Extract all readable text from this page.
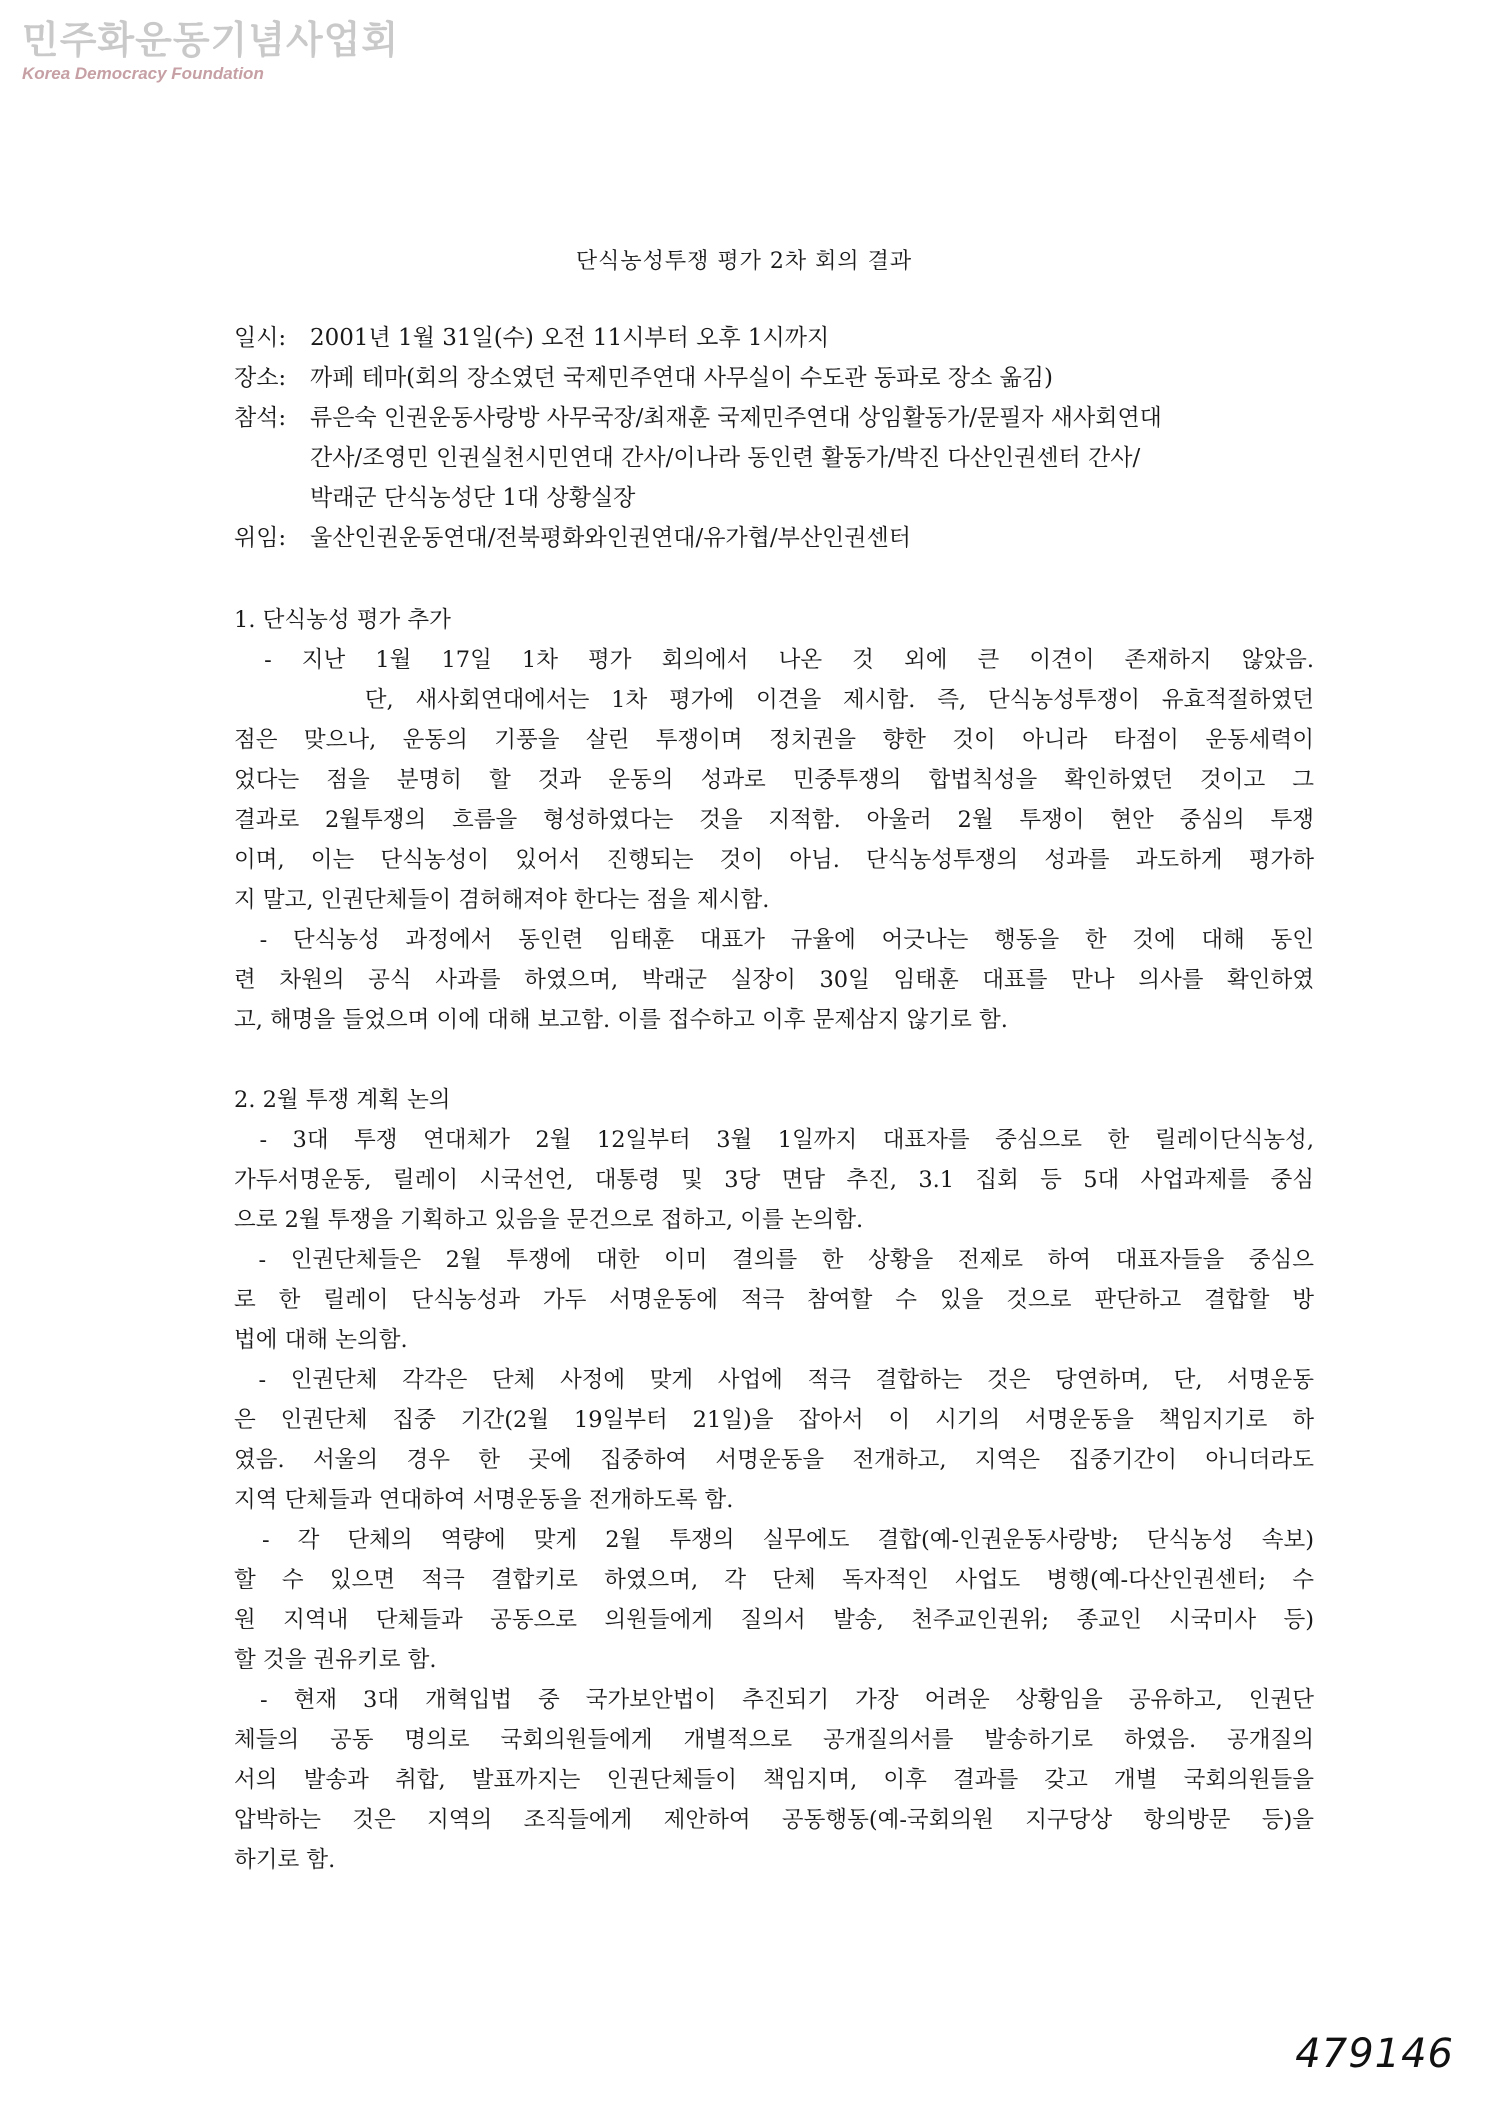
민주화운동기념사업회
Korea Democracy Foundation
단식농성투쟁 평가 2차 회의 결과
일시:	2001년 1월 31일(수) 오전 11시부터 오후 1시까지
장소:	까페 테마(회의 장소였던 국제민주연대 사무실이 수도관 동파로 장소 옮김)
참석:	류은숙 인권운동사랑방 사무국장/최재훈 국제민주연대 상임활동가/문필자 새사회연대
간사/조영민 인권실천시민연대 간사/이나라 동인련 활동가/박진 다산인권센터 간사/
박래군 단식농성단 1대 상황실장
위임:	울산인권운동연대/전북평화와인권연대/유가협/부산인권센터
1. 단식농성 평가 추가
- 지난 1월 17일 1차 평가 회의에서 나온 것 외에 큰 이견이 존재하지 않았음.
단, 새사회연대에서는 1차 평가에 이견을 제시함. 즉, 단식농성투쟁이 유효적절하였던
점은 맞으나, 운동의 기풍을 살린 투쟁이며 정치권을 향한 것이 아니라 타점이 운동세력이
었다는 점을 분명히 할 것과 운동의 성과로 민중투쟁의 합법칙성을 확인하였던 것이고 그
결과로 2월투쟁의 흐름을 형성하였다는 것을 지적함. 아울러 2월 투쟁이 현안 중심의 투쟁
이며, 이는 단식농성이 있어서 진행되는 것이 아님. 단식농성투쟁의 성과를 과도하게 평가하
지 말고, 인권단체들이 겸허해져야 한다는 점을 제시함.
- 단식농성 과정에서 동인련 임태훈 대표가 규율에 어긋나는 행동을 한 것에 대해 동인
련 차원의 공식 사과를 하였으며, 박래군 실장이 30일 임태훈 대표를 만나 의사를 확인하였
고, 해명을 들었으며 이에 대해 보고함. 이를 접수하고 이후 문제삼지 않기로 함.
2. 2월 투쟁 계획 논의
- 3대 투쟁 연대체가 2월 12일부터 3월 1일까지 대표자를 중심으로 한 릴레이단식농성,
가두서명운동, 릴레이 시국선언, 대통령 및 3당 면담 추진, 3.1 집회 등 5대 사업과제를 중심
으로 2월 투쟁을 기획하고 있음을 문건으로 접하고, 이를 논의함.
- 인권단체들은 2월 투쟁에 대한 이미 결의를 한 상황을 전제로 하여 대표자들을 중심으
로 한 릴레이 단식농성과 가두 서명운동에 적극 참여할 수 있을 것으로 판단하고 결합할 방
법에 대해 논의함.
- 인권단체 각각은 단체 사정에 맞게 사업에 적극 결합하는 것은 당연하며, 단, 서명운동
은 인권단체 집중 기간(2월 19일부터 21일)을 잡아서 이 시기의 서명운동을 책임지기로 하
였음. 서울의 경우 한 곳에 집중하여 서명운동을 전개하고, 지역은 집중기간이 아니더라도
지역 단체들과 연대하여 서명운동을 전개하도록 함.
- 각 단체의 역량에 맞게 2월 투쟁의 실무에도 결합(예-인권운동사랑방; 단식농성 속보)
할 수 있으면 적극 결합키로 하였으며, 각 단체 독자적인 사업도 병행(예-다산인권센터; 수
원 지역내 단체들과 공동으로 의원들에게 질의서 발송, 천주교인권위; 종교인 시국미사 등)
할 것을 권유키로 함.
- 현재 3대 개혁입법 중 국가보안법이 추진되기 가장 어려운 상황임을 공유하고, 인권단
체들의 공동 명의로 국회의원들에게 개별적으로 공개질의서를 발송하기로 하였음. 공개질의
서의 발송과 취합, 발표까지는 인권단체들이 책임지며, 이후 결과를 갖고 개별 국회의원들을
압박하는 것은 지역의 조직들에게 제안하여 공동행동(예-국회의원 지구당상 항의방문 등)을
하기로 함.
479146
